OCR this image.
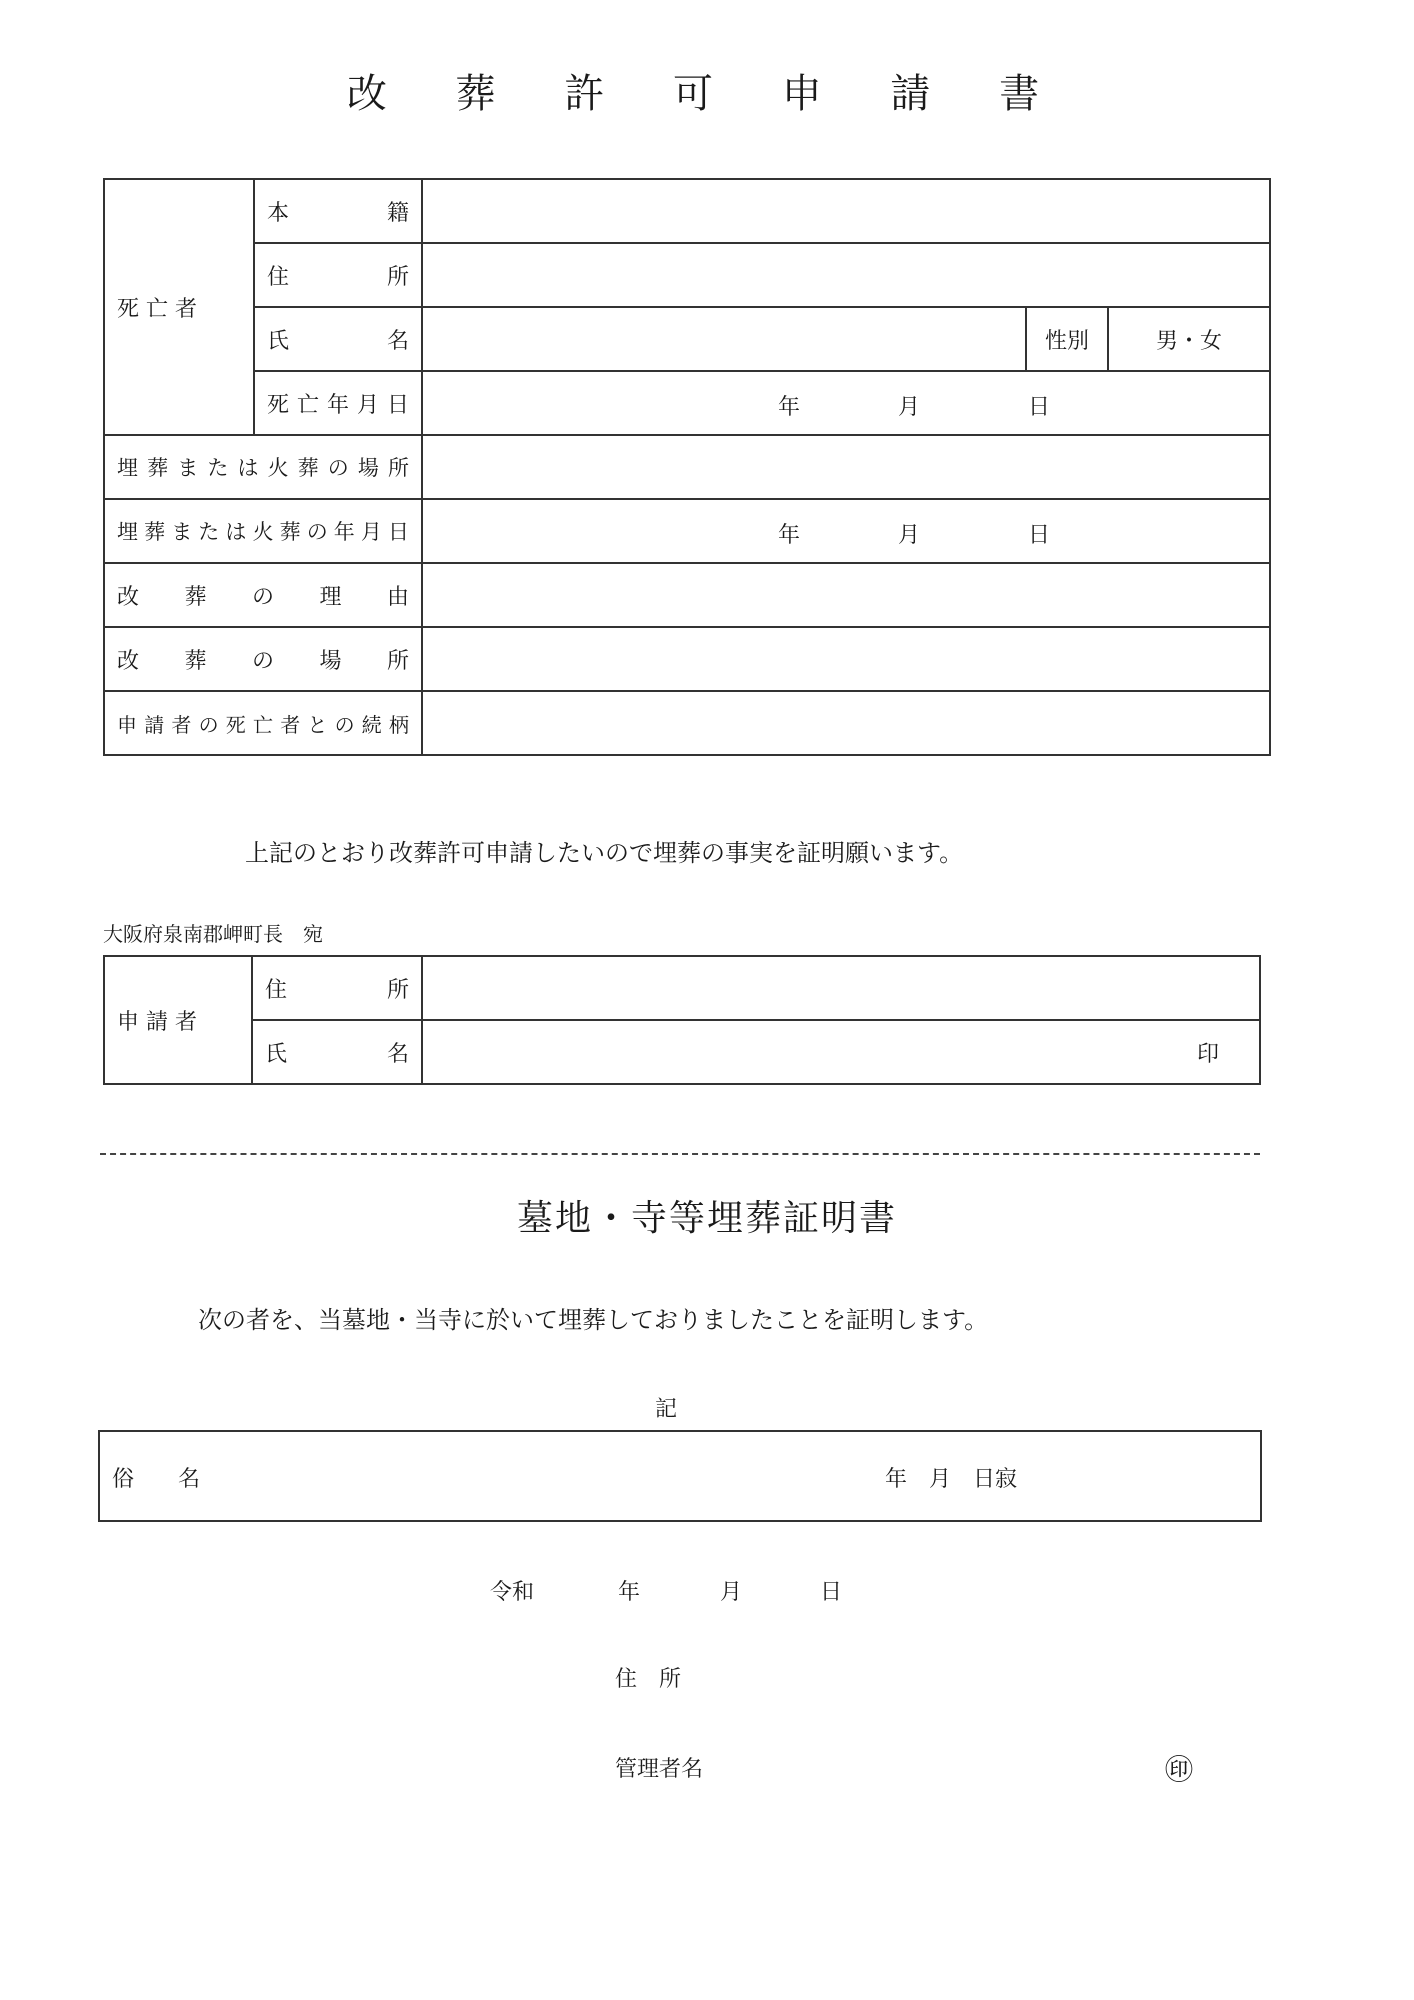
改 葬 許 可 申 請 書
死 亡 者	本籍			
	住所			
	氏名		性別	男・女
	死亡年月日	年 月 日		

埋葬または火葬の場所				
埋葬または火葬の年月日		年 月 日		

改葬の理由				
改葬の場所				
申請者の死亡者との続柄				
上記のとおり改葬許可申請したいので埋葬の事実を証明願います。
大阪府泉南郡岬町長　宛
申 請 者	住所	
	氏名	印
墓地・寺等埋葬証明書
次の者を、当墓地・当寺に於いて埋葬しておりましたことを証明します。
記
俗　　名	年　月　日寂
令和	年	月	日
住　所
管理者名	㊞
